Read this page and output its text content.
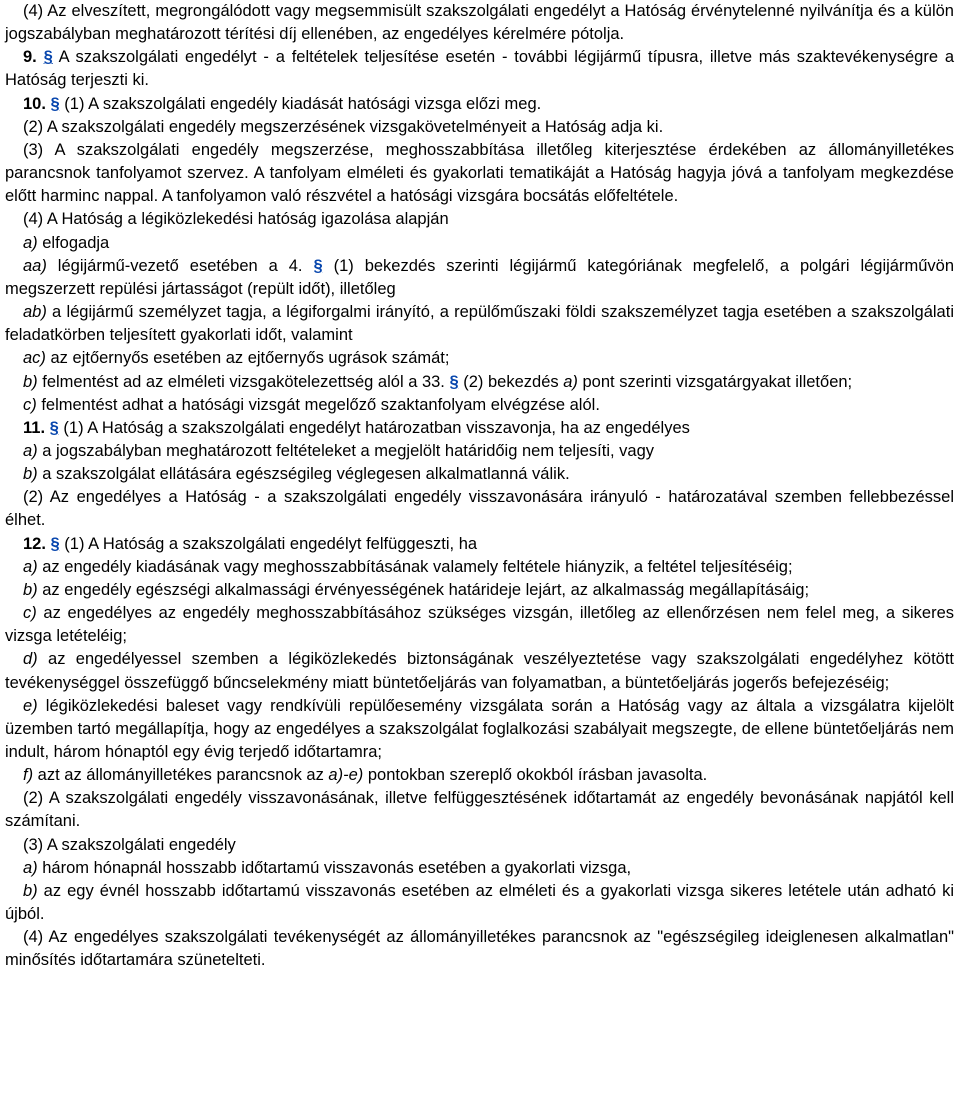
(4) Az elveszített, megrongálódott vagy megsemmisült szakszolgálati engedélyt a Hatóság érvénytelenné nyilvánítja és a külön jogszabályban meghatározott térítési díj ellenében, az engedélyes kérelmére pótolja.

9. § A szakszolgálati engedélyt - a feltételek teljesítése esetén - további légijármű típusra, illetve más szaktevékenységre a Hatóság terjeszti ki.

10. § (1) A szakszolgálati engedély kiadását hatósági vizsga előzi meg.

(2) A szakszolgálati engedély megszerzésének vizsgakövetelményeit a Hatóság adja ki.

(3) A szakszolgálati engedély megszerzése, meghosszabbítása illetőleg kiterjesztése érdekében az állományilletékes parancsnok tanfolyamot szervez. A tanfolyam elméleti és gyakorlati tematikáját a Hatóság hagyja jóvá a tanfolyam megkezdése előtt harminc nappal. A tanfolyamon való részvétel a hatósági vizsgára bocsátás előfeltétele.

(4) A Hatóság a légiközlekedési hatóság igazolása alapján

a) elfogadja

aa) légijármű-vezető esetében a 4. § (1) bekezdés szerinti légijármű kategóriának megfelelő, a polgári légijárművön megszerzett repülési jártasságot (repült időt), illetőleg

ab) a légijármű személyzet tagja, a légiforgalmi irányító, a repülőműszaki földi szakszemélyzet tagja esetében a szakszolgálati feladatkörben teljesített gyakorlati időt, valamint

ac) az ejtőernyős esetében az ejtőernyős ugrások számát;

b) felmentést ad az elméleti vizsgakötelezettség alól a 33. § (2) bekezdés a) pont szerinti vizsgatárgyakat illetően;

c) felmentést adhat a hatósági vizsgát megelőző szaktanfolyam elvégzése alól.

11. § (1) A Hatóság a szakszolgálati engedélyt határozatban visszavonja, ha az engedélyes

a) a jogszabályban meghatározott feltételeket a megjelölt határidőig nem teljesíti, vagy

b) a szakszolgálat ellátására egészségileg véglegesen alkalmatlanná válik.

(2) Az engedélyes a Hatóság - a szakszolgálati engedély visszavonására irányuló - határozatával szemben fellebbezéssel élhet.

12. § (1) A Hatóság a szakszolgálati engedélyt felfüggeszti, ha

a) az engedély kiadásának vagy meghosszabbításának valamely feltétele hiányzik, a feltétel teljesítéséig;

b) az engedély egészségi alkalmassági érvényességének határideje lejárt, az alkalmasság megállapításáig;

c) az engedélyes az engedély meghosszabbításához szükséges vizsgán, illetőleg az ellenőrzésen nem felel meg, a sikeres vizsga letételéig;

d) az engedélyessel szemben a légiközlekedés biztonságának veszélyeztetése vagy szakszolgálati engedélyhez kötött tevékenységgel összefüggő bűncselekmény miatt büntetőeljárás van folyamatban, a büntetőeljárás jogerős befejezéséig;

e) légiközlekedési baleset vagy rendkívüli repülőesemény vizsgálata során a Hatóság vagy az általa a vizsgálatra kijelölt üzemben tartó megállapítja, hogy az engedélyes a szakszolgálat foglalkozási szabályait megszegte, de ellene büntetőeljárás nem indult, három hónaptól egy évig terjedő időtartamra;

f) azt az állományilletékes parancsnok az a)-e) pontokban szereplő okokból írásban javasolta.

(2) A szakszolgálati engedély visszavonásának, illetve felfüggesztésének időtartamát az engedély bevonásának napjától kell számítani.

(3) A szakszolgálati engedély

a) három hónapnál hosszabb időtartamú visszavonás esetében a gyakorlati vizsga,

b) az egy évnél hosszabb időtartamú visszavonás esetében az elméleti és a gyakorlati vizsga sikeres letétele után adható ki újból.

(4) Az engedélyes szakszolgálati tevékenységét az állományilletékes parancsnok az "egészségileg ideiglenesen alkalmatlan" minősítés időtartamára szünetelteti.
